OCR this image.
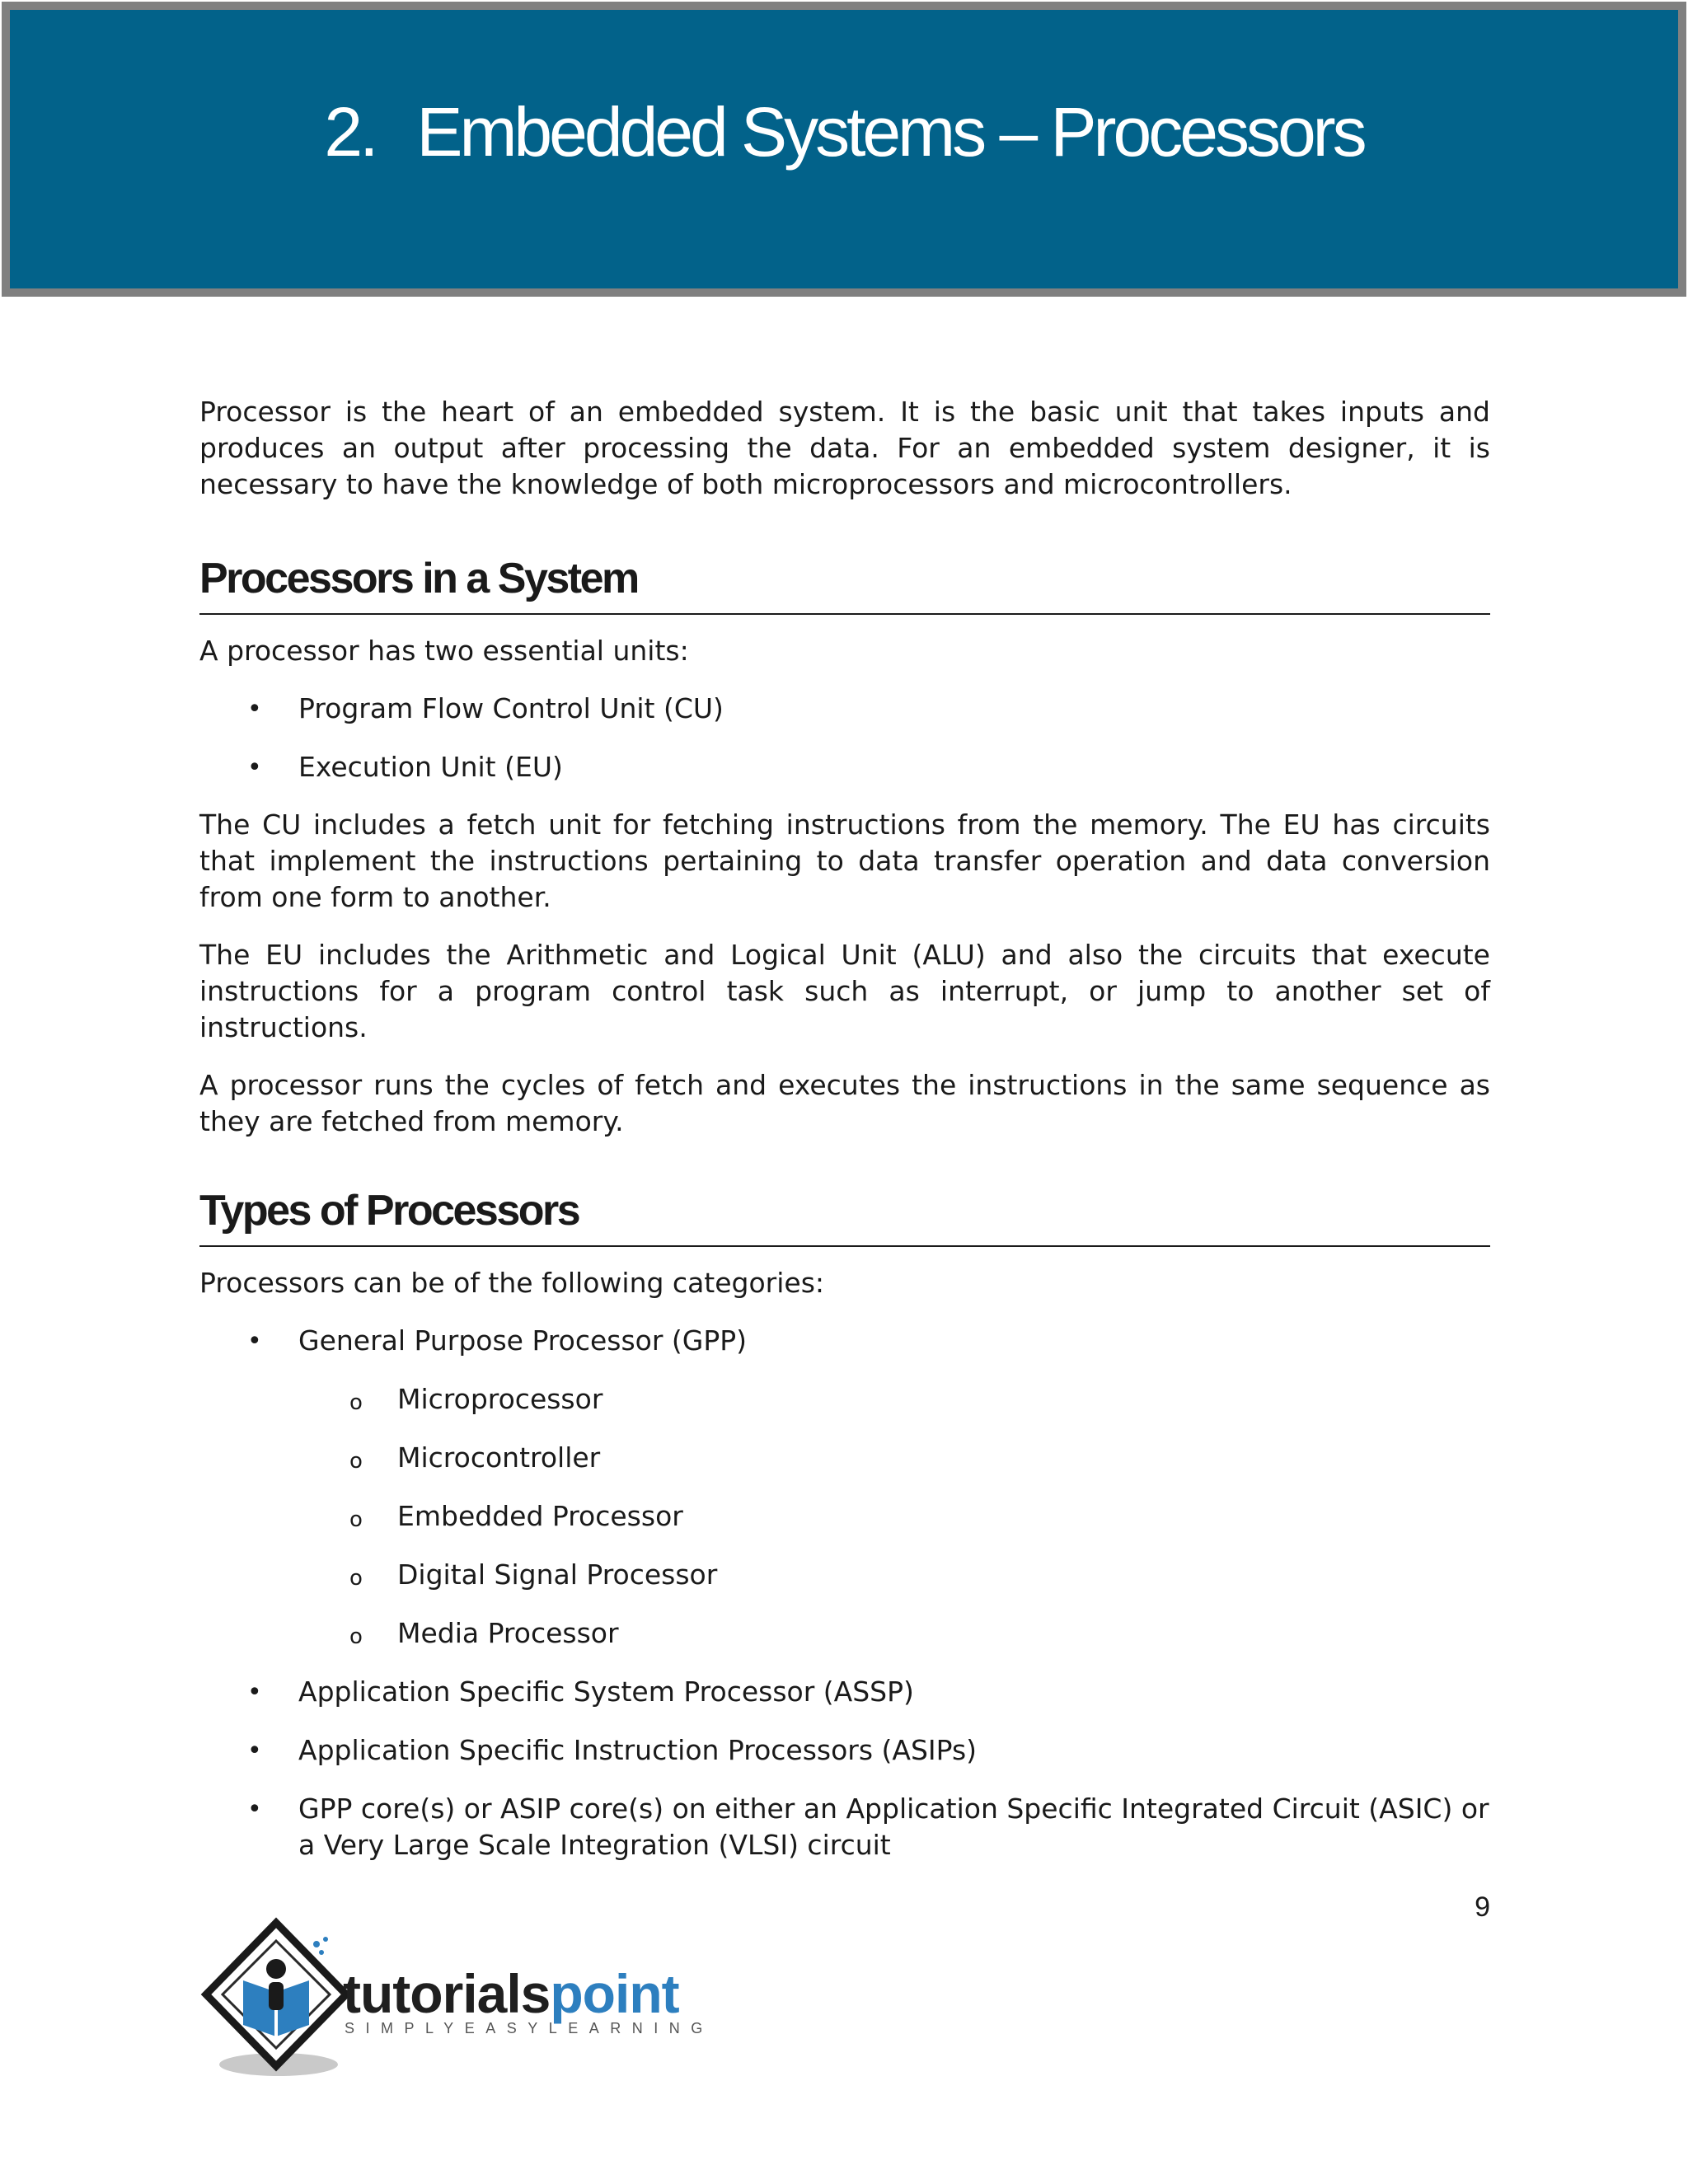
2. Embedded Systems – Processors

Processor is the heart of an embedded system. It is the basic unit that takes inputs and produces an output after processing the data. For an embedded system designer, it is necessary to have the knowledge of both microprocessors and microcontrollers.

Processors in a System

A processor has two essential units:

• Program Flow Control Unit (CU)
• Execution Unit (EU)

The CU includes a fetch unit for fetching instructions from the memory. The EU has circuits that implement the instructions pertaining to data transfer operation and data conversion from one form to another.

The EU includes the Arithmetic and Logical Unit (ALU) and also the circuits that execute instructions for a program control task such as interrupt, or jump to another set of instructions.

A processor runs the cycles of fetch and executes the instructions in the same sequence as they are fetched from memory.

Types of Processors

Processors can be of the following categories:

• General Purpose Processor (GPP)
o Microprocessor
o Microcontroller
o Embedded Processor
o Digital Signal Processor
o Media Processor
• Application Specific System Processor (ASSP)
• Application Specific Instruction Processors (ASIPs)
• GPP core(s) or ASIP core(s) on either an Application Specific Integrated Circuit (ASIC) or a Very Large Scale Integration (VLSI) circuit
9
tutorialspoint
SIMPLYEASYLEARNING
